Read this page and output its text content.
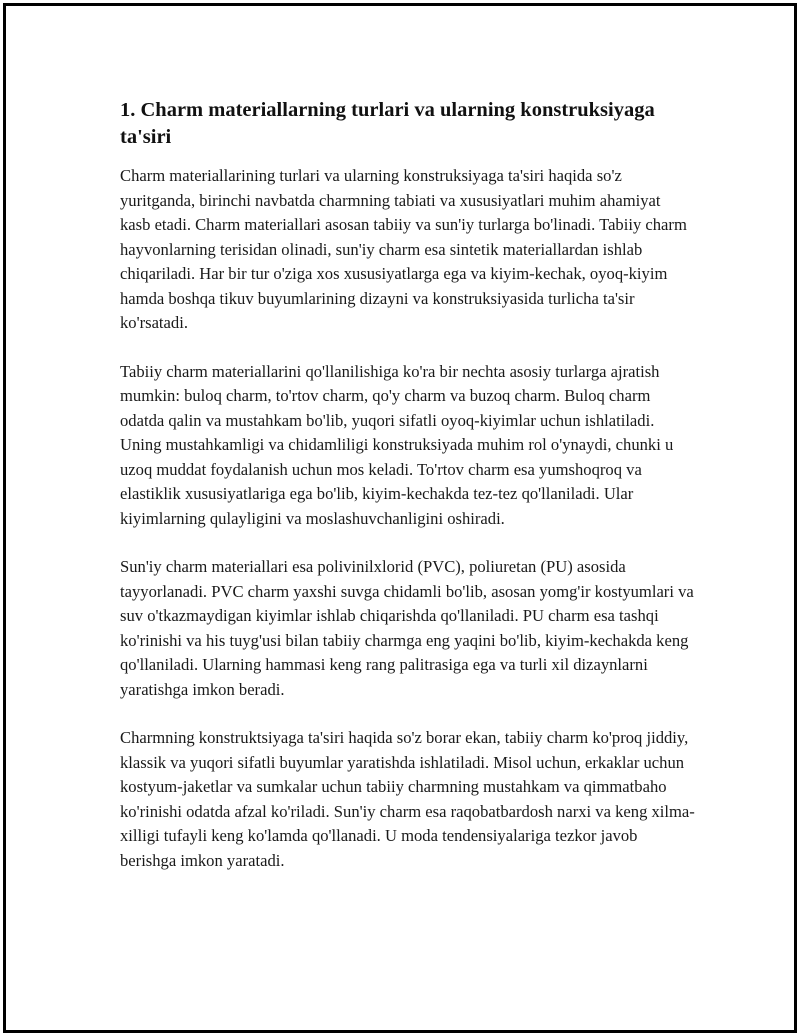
1. Charm materiallarning turlari va ularning konstruksiyaga ta'siri

Charm materiallarining turlari va ularning konstruksiyaga ta'siri haqida so'z yuritganda, birinchi navbatda charmning tabiati va xususiyatlari muhim ahamiyat kasb etadi. Charm materiallari asosan tabiiy va sun'iy turlarga bo'linadi. Tabiiy charm hayvonlarning terisidan olinadi, sun'iy charm esa sintetik materiallardan ishlab chiqariladi. Har bir tur o'ziga xos xususiyatlarga ega va kiyim-kechak, oyoq-kiyim hamda boshqa tikuv buyumlarining dizayni va konstruksiyasida turlicha ta'sir ko'rsatadi.

Tabiiy charm materiallarini qo'llanilishiga ko'ra bir nechta asosiy turlarga ajratish mumkin: buloq charm, to'rtov charm, qo'y charm va buzoq charm. Buloq charm odatda qalin va mustahkam bo'lib, yuqori sifatli oyoq-kiyimlar uchun ishlatiladi. Uning mustahkamligi va chidamliligi konstruksiyada muhim rol o'ynaydi, chunki u uzoq muddat foydalanish uchun mos keladi. To'rtov charm esa yumshoqroq va elastiklik xususiyatlariga ega bo'lib, kiyim-kechakda tez-tez qo'llaniladi. Ular kiyimlarning qulayligini va moslashuvchanligini oshiradi.

Sun'iy charm materiallari esa polivinilxlorid (PVC), poliuretan (PU) asosida tayyorlanadi. PVC charm yaxshi suvga chidamli bo'lib, asosan yomg'ir kostyumlari va suv o'tkazmaydigan kiyimlar ishlab chiqarishda qo'llaniladi. PU charm esa tashqi ko'rinishi va his tuyg'usi bilan tabiiy charmga eng yaqini bo'lib, kiyim-kechakda keng qo'llaniladi. Ularning hammasi keng rang palitrasiga ega va turli xil dizaynlarni yaratishga imkon beradi.

Charmning konstruktsiyaga ta'siri haqida so'z borar ekan, tabiiy charm ko'proq jiddiy, klassik va yuqori sifatli buyumlar yaratishda ishlatiladi. Misol uchun, erkaklar uchun kostyum-jaketlar va sumkalar uchun tabiiy charmning mustahkam va qimmatbaho ko'rinishi odatda afzal ko'riladi. Sun'iy charm esa raqobatbardosh narxi va keng xilma-xilligi tufayli keng ko'lamda qo'llanadi. U moda tendensiyalariga tezkor javob berishga imkon yaratadi.
